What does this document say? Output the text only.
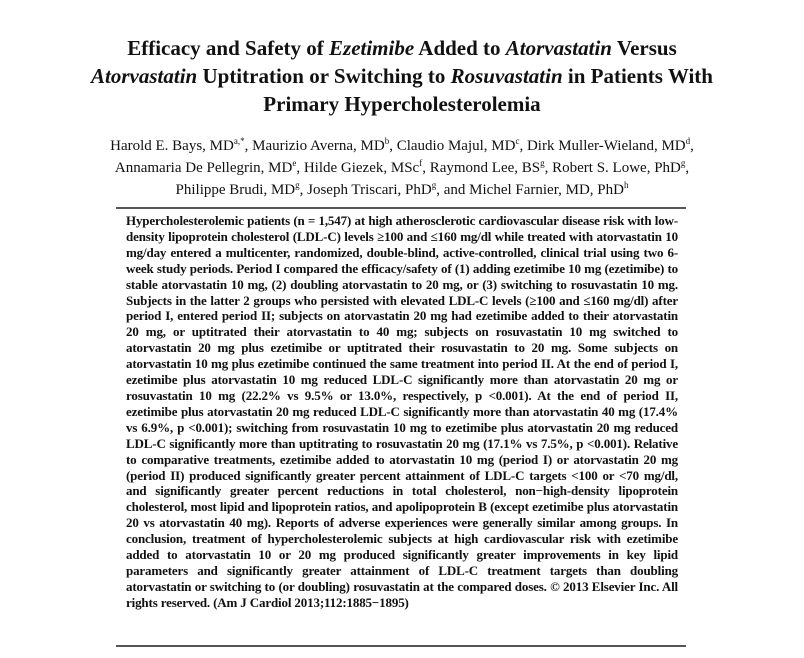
Efficacy and Safety of Ezetimibe Added to Atorvastatin Versus
Atorvastatin Uptitration or Switching to Rosuvastatin in Patients With
Primary Hypercholesterolemia
Harold E. Bays, $MD^{a,*}$, Maurizio Averna, $MD^b$, Claudio Majul, $MD^c$, Dirk Muller-Wieland, $MD^d$,
Annamaria De Pellegrin, MDe, Hilde Giezek, MSc$^f$, Raymond Lee, $BS^g$, Robert S. Lowe, PhD$^g$,
Philippe Brudi, $MD^g$, Joseph Triscari, PhD$^g$, and Michel Farnier, MD, PhD$^h$
Hypercholesterolemic patients (n = 1,547) at high atherosclerotic cardiovascular disease risk with low-density lipoprotein cholesterol (LDL-C) levels ≥100 and ≤160 mg/dl while treated with atorvastatin 10 mg/day entered a multicenter, randomized, double-blind, active-controlled, clinical trial using two 6-week study periods. Period I compared the efficacy/safety of (1) adding ezetimibe 10 mg (ezetimibe) to stable atorvastatin 10 mg, (2) doubling atorvastatin to 20 mg, or (3) switching to rosuvastatin 10 mg. Subjects in the latter 2 groups who persisted with elevated LDL-C levels (≥100 and ≤160 mg/dl) after period I, entered period II; subjects on atorvastatin 20 mg had ezetimibe added to their atorvastatin 20 mg, or uptitrated their atorvastatin to 40 mg; subjects on rosuvastatin 10 mg switched to atorvastatin 20 mg plus ezetimibe or uptitrated their rosuvastatin to 20 mg. Some subjects on atorvastatin 10 mg plus ezetimibe continued the same treatment into period II. At the end of period I, ezetimibe plus atorvastatin 10 mg reduced LDL-C significantly more than atorvastatin 20 mg or rosuvastatin 10 mg (22.2% vs 9.5% or 13.0%, respectively, p <0.001). At the end of period II, ezetimibe plus atorvastatin 20 mg reduced LDL-C significantly more than atorvastatin 40 mg (17.4% vs 6.9%, p <0.001); switching from rosuvastatin 10 mg to ezetimibe plus atorvastatin 20 mg reduced LDL-C significantly more than uptitrating to rosuvastatin 20 mg (17.1% vs 7.5%, p <0.001). Relative to comparative treatments, ezetimibe added to atorvastatin 10 mg (period I) or atorvastatin 20 mg (period II) produced significantly greater percent attainment of LDL-C targets <100 or <70 mg/dl, and significantly greater percent reductions in total cholesterol, non−high-density lipoprotein cholesterol, most lipid and lipoprotein ratios, and apolipoprotein B (except ezetimibe plus atorvastatin 20 vs atorvastatin 40 mg). Reports of adverse experiences were generally similar among groups. In conclusion, treatment of hypercholesterolemic subjects at high cardiovascular risk with ezetimibe added to atorvastatin 10 or 20 mg produced significantly greater improvements in key lipid parameters and significantly greater attainment of LDL-C treatment targets than doubling atorvastatin or switching to (or doubling) rosuvastatin at the compared doses. © 2013 Elsevier Inc. All rights reserved. (Am J Cardiol 2013;112:1885−1895)
